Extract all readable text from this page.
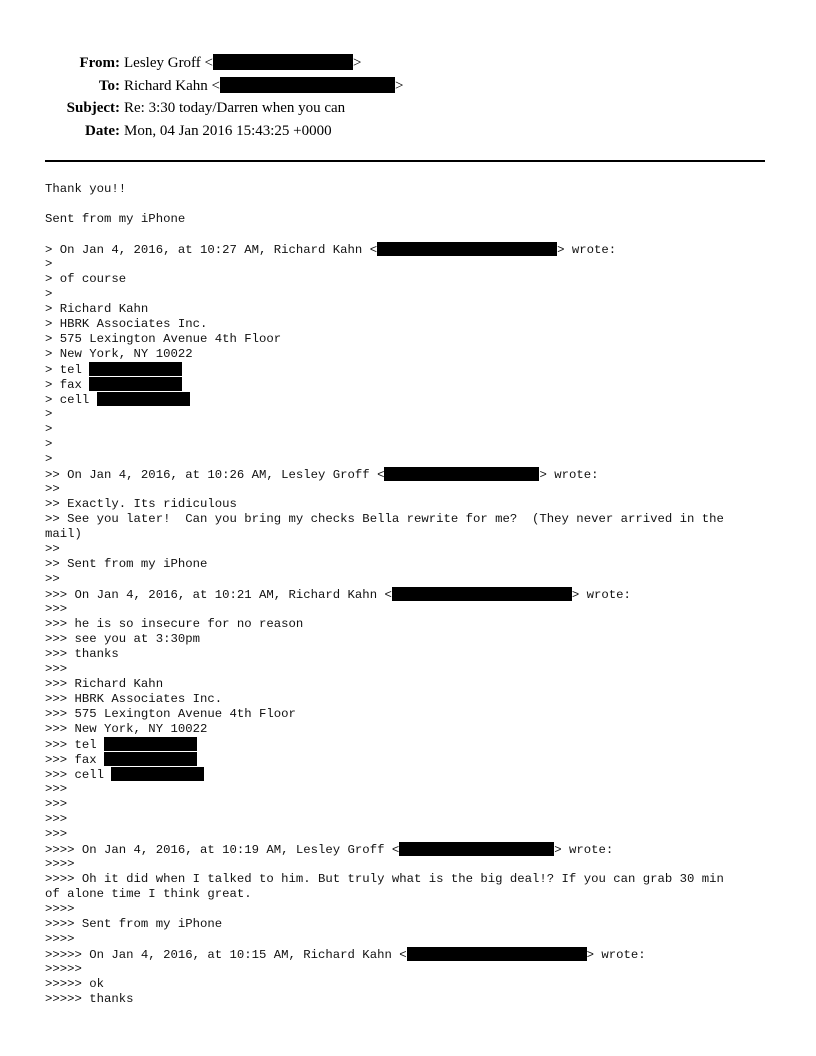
From: Lesley Groff <	>
To: Richard Kahn <	>
Subject: Re: 3:30 today/Darren when you can
Date: Mon, 04 Jan 2016 15:43:25 +0000
Thank you!!
Sent from my iPhone
> On Jan 4, 2016, at 10:27 AM, Richard Kahn <	> wrote:
>
> of course
>
> Richard Kahn
> HBRK Associates Inc.
> 575 Lexington Avenue 4th Floor
> New York, NY 10022
> tel
> fax
> cell
>
>
>
>
>> On Jan 4, 2016, at 10:26 AM, Lesley Groff <	> wrote:
>>
>> Exactly. Its ridiculous
>> See you later!  Can you bring my checks Bella rewrite for me?  (They never arrived in the
mail)
>>
>> Sent from my iPhone
>>
>>> On Jan 4, 2016, at 10:21 AM, Richard Kahn <	> wrote:
>>>
>>> he is so insecure for no reason
>>> see you at 3:30pm
>>> thanks
>>>
>>> Richard Kahn
>>> HBRK Associates Inc.
>>> 575 Lexington Avenue 4th Floor
>>> New York, NY 10022
>>> tel
>>> fax
>>> cell
>>>
>>>
>>>
>>>
>>>> On Jan 4, 2016, at 10:19 AM, Lesley Groff <	> wrote:
>>>>
>>>> Oh it did when I talked to him. But truly what is the big deal!? If you can grab 30 min
of alone time I think great.
>>>>
>>>> Sent from my iPhone
>>>>
>>>>> On Jan 4, 2016, at 10:15 AM, Richard Kahn <	> wrote:
>>>>>
>>>>> ok
>>>>> thanks
